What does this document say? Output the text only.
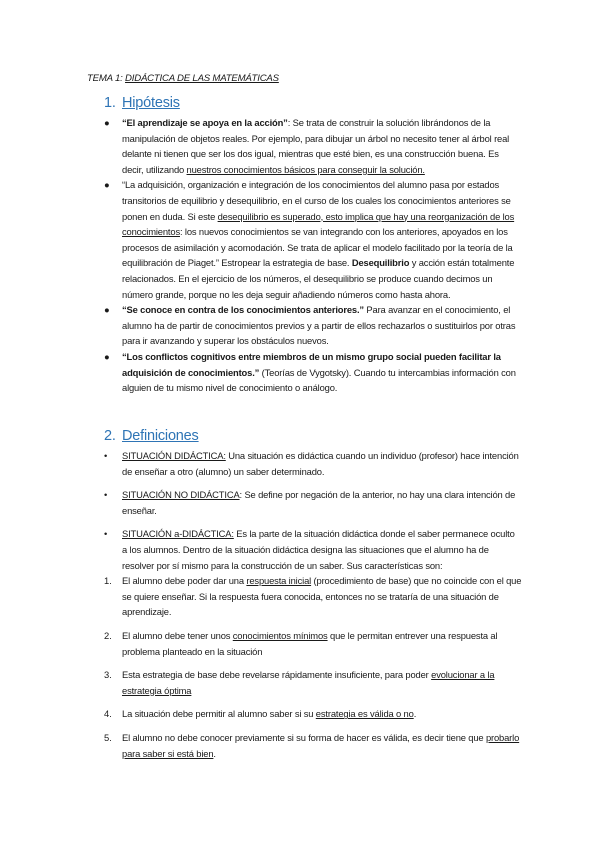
TEMA 1: DIDÁCTICA DE LAS MATEMÁTICAS
1. Hipótesis
● “El aprendizaje se apoya en la acción”: Se trata de construir la solución librándonos de la manipulación de objetos reales. Por ejemplo, para dibujar un árbol no necesito tener al árbol real delante ni tienen que ser los dos igual, mientras que esté bien, es una construcción buena. Es decir, utilizando nuestros conocimientos básicos para conseguir la solución.
● “La adquisición, organización e integración de los conocimientos del alumno pasa por estados transitorios de equilibrio y desequilibrio, en el curso de los cuales los conocimientos anteriores se ponen en duda. Si este desequilibrio es superado, esto implica que hay una reorganización de los conocimientos: los nuevos conocimientos se van integrando con los anteriores, apoyados en los procesos de asimilación y acomodación. Se trata de aplicar el modelo facilitado por la teoría de la equilibración de Piaget.” Estropear la estrategia de base. Desequilibrio y acción están totalmente relacionados. En el ejercicio de los números, el desequilibrio se produce cuando decimos un número grande, porque no les deja seguir añadiendo números como hasta ahora.
● “Se conoce en contra de los conocimientos anteriores.” Para avanzar en el conocimiento, el alumno ha de partir de conocimientos previos y a partir de ellos rechazarlos o sustituirlos por otras para ir avanzando y superar los obstáculos nuevos.
● “Los conflictos cognitivos entre miembros de un mismo grupo social pueden facilitar la adquisición de conocimientos.” (Teorías de Vygotsky). Cuando tu intercambias información con alguien de tu mismo nivel de conocimiento o análogo.
2. Definiciones
• SITUACIÓN DIDÁCTICA: Una situación es didáctica cuando un individuo (profesor) hace intención de enseñar a otro (alumno) un saber determinado.
• SITUACIÓN NO DIDÁCTICA: Se define por negación de la anterior, no hay una clara intención de enseñar.
• SITUACIÓN a-DIDÁCTICA: Es la parte de la situación didáctica donde el saber permanece oculto a los alumnos. Dentro de la situación didáctica designa las situaciones que el alumno ha de resolver por sí mismo para la construcción de un saber. Sus características son:
1. El alumno debe poder dar una respuesta inicial (procedimiento de base) que no coincide con el que se quiere enseñar. Si la respuesta fuera conocida, entonces no se trataría de una situación de aprendizaje.
2. El alumno debe tener unos conocimientos mínimos que le permitan entrever una respuesta al problema planteado en la situación
3. Esta estrategia de base debe revelarse rápidamente insuficiente, para poder evolucionar a la estrategia óptima
4. La situación debe permitir al alumno saber si su estrategia es válida o no.
5. El alumno no debe conocer previamente si su forma de hacer es válida, es decir tiene que probarlo para saber si está bien.
